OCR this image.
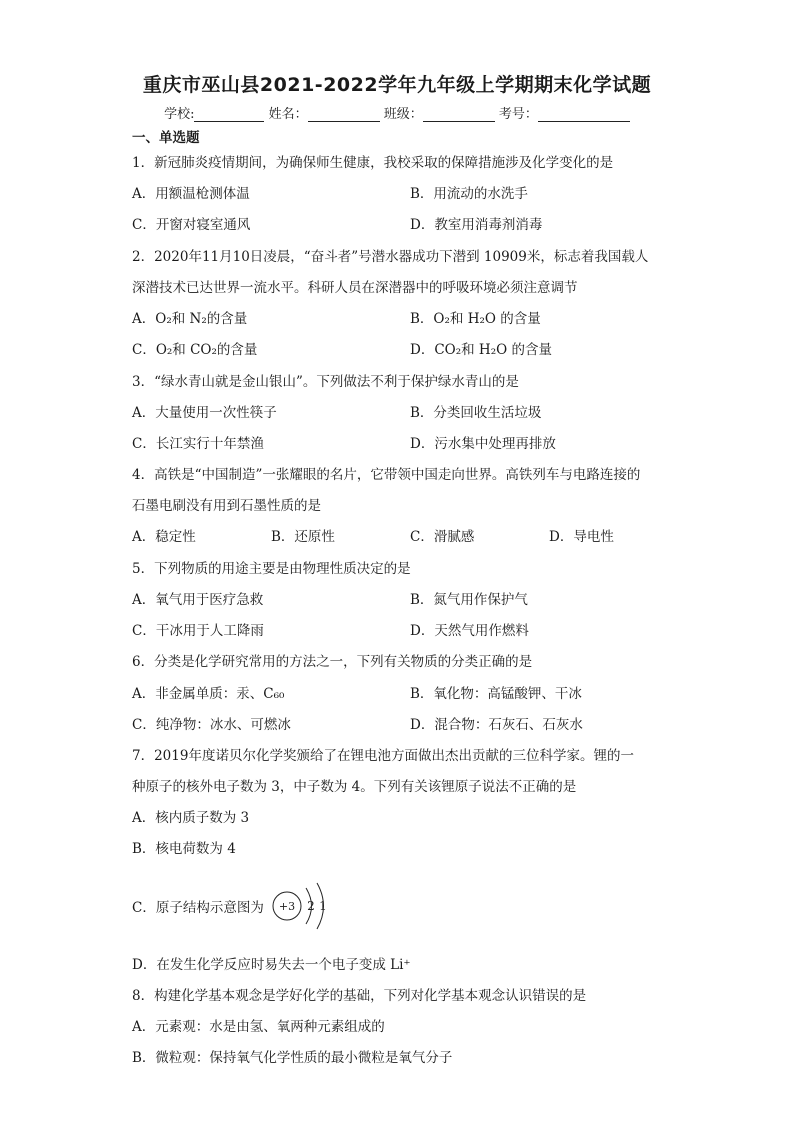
重庆市巫山县2021-2022学年九年级上学期期末化学试题
学校:	姓名：	班级：	考号：
一、单选题
1．新冠肺炎疫情期间，为确保师生健康，我校采取的保障措施涉及化学变化的是
A．用额温枪测体温	B．用流动的水洗手
C．开窗对寝室通风	D．教室用消毒剂消毒
2．2020年11月10日凌晨，“奋斗者”号潜水器成功下潜到 10909米，标志着我国载人
深潜技术已达世界一流水平。科研人员在深潜器中的呼吸环境必须注意调节
A．O₂和 N₂的含量	B．O₂和 H₂O 的含量
C．O₂和 CO₂的含量	D．CO₂和 H₂O 的含量
3．“绿水青山就是金山银山”。下列做法不利于保护绿水青山的是
A．大量使用一次性筷子	B．分类回收生活垃圾
C．长江实行十年禁渔	D．污水集中处理再排放
4．高铁是“中国制造”一张耀眼的名片，它带领中国走向世界。高铁列车与电路连接的
石墨电刷没有用到石墨性质的是
A．稳定性	B．还原性	C．滑腻感	D．导电性
5．下列物质的用途主要是由物理性质决定的是
A．氧气用于医疗急救	B．氮气用作保护气
C．干冰用于人工降雨	D．天然气用作燃料
6．分类是化学研究常用的方法之一，下列有关物质的分类正确的是
A．非金属单质：汞、C₆₀	B．氧化物：高锰酸钾、干冰
C．纯净物：冰水、可燃冰	D．混合物：石灰石、石灰水
7．2019年度诺贝尔化学奖颁给了在锂电池方面做出杰出贡献的三位科学家。锂的一
种原子的核外电子数为 3，中子数为 4。下列有关该锂原子说法不正确的是
A．核内质子数为 3
B．核电荷数为 4
C．原子结构示意图为 +3 2 1
D．在发生化学反应时易失去一个电子变成 Li⁺
8．构建化学基本观念是学好化学的基础，下列对化学基本观念认识错误的是
A．元素观：水是由氢、氧两种元素组成的
B．微粒观：保持氧气化学性质的最小微粒是氧气分子
